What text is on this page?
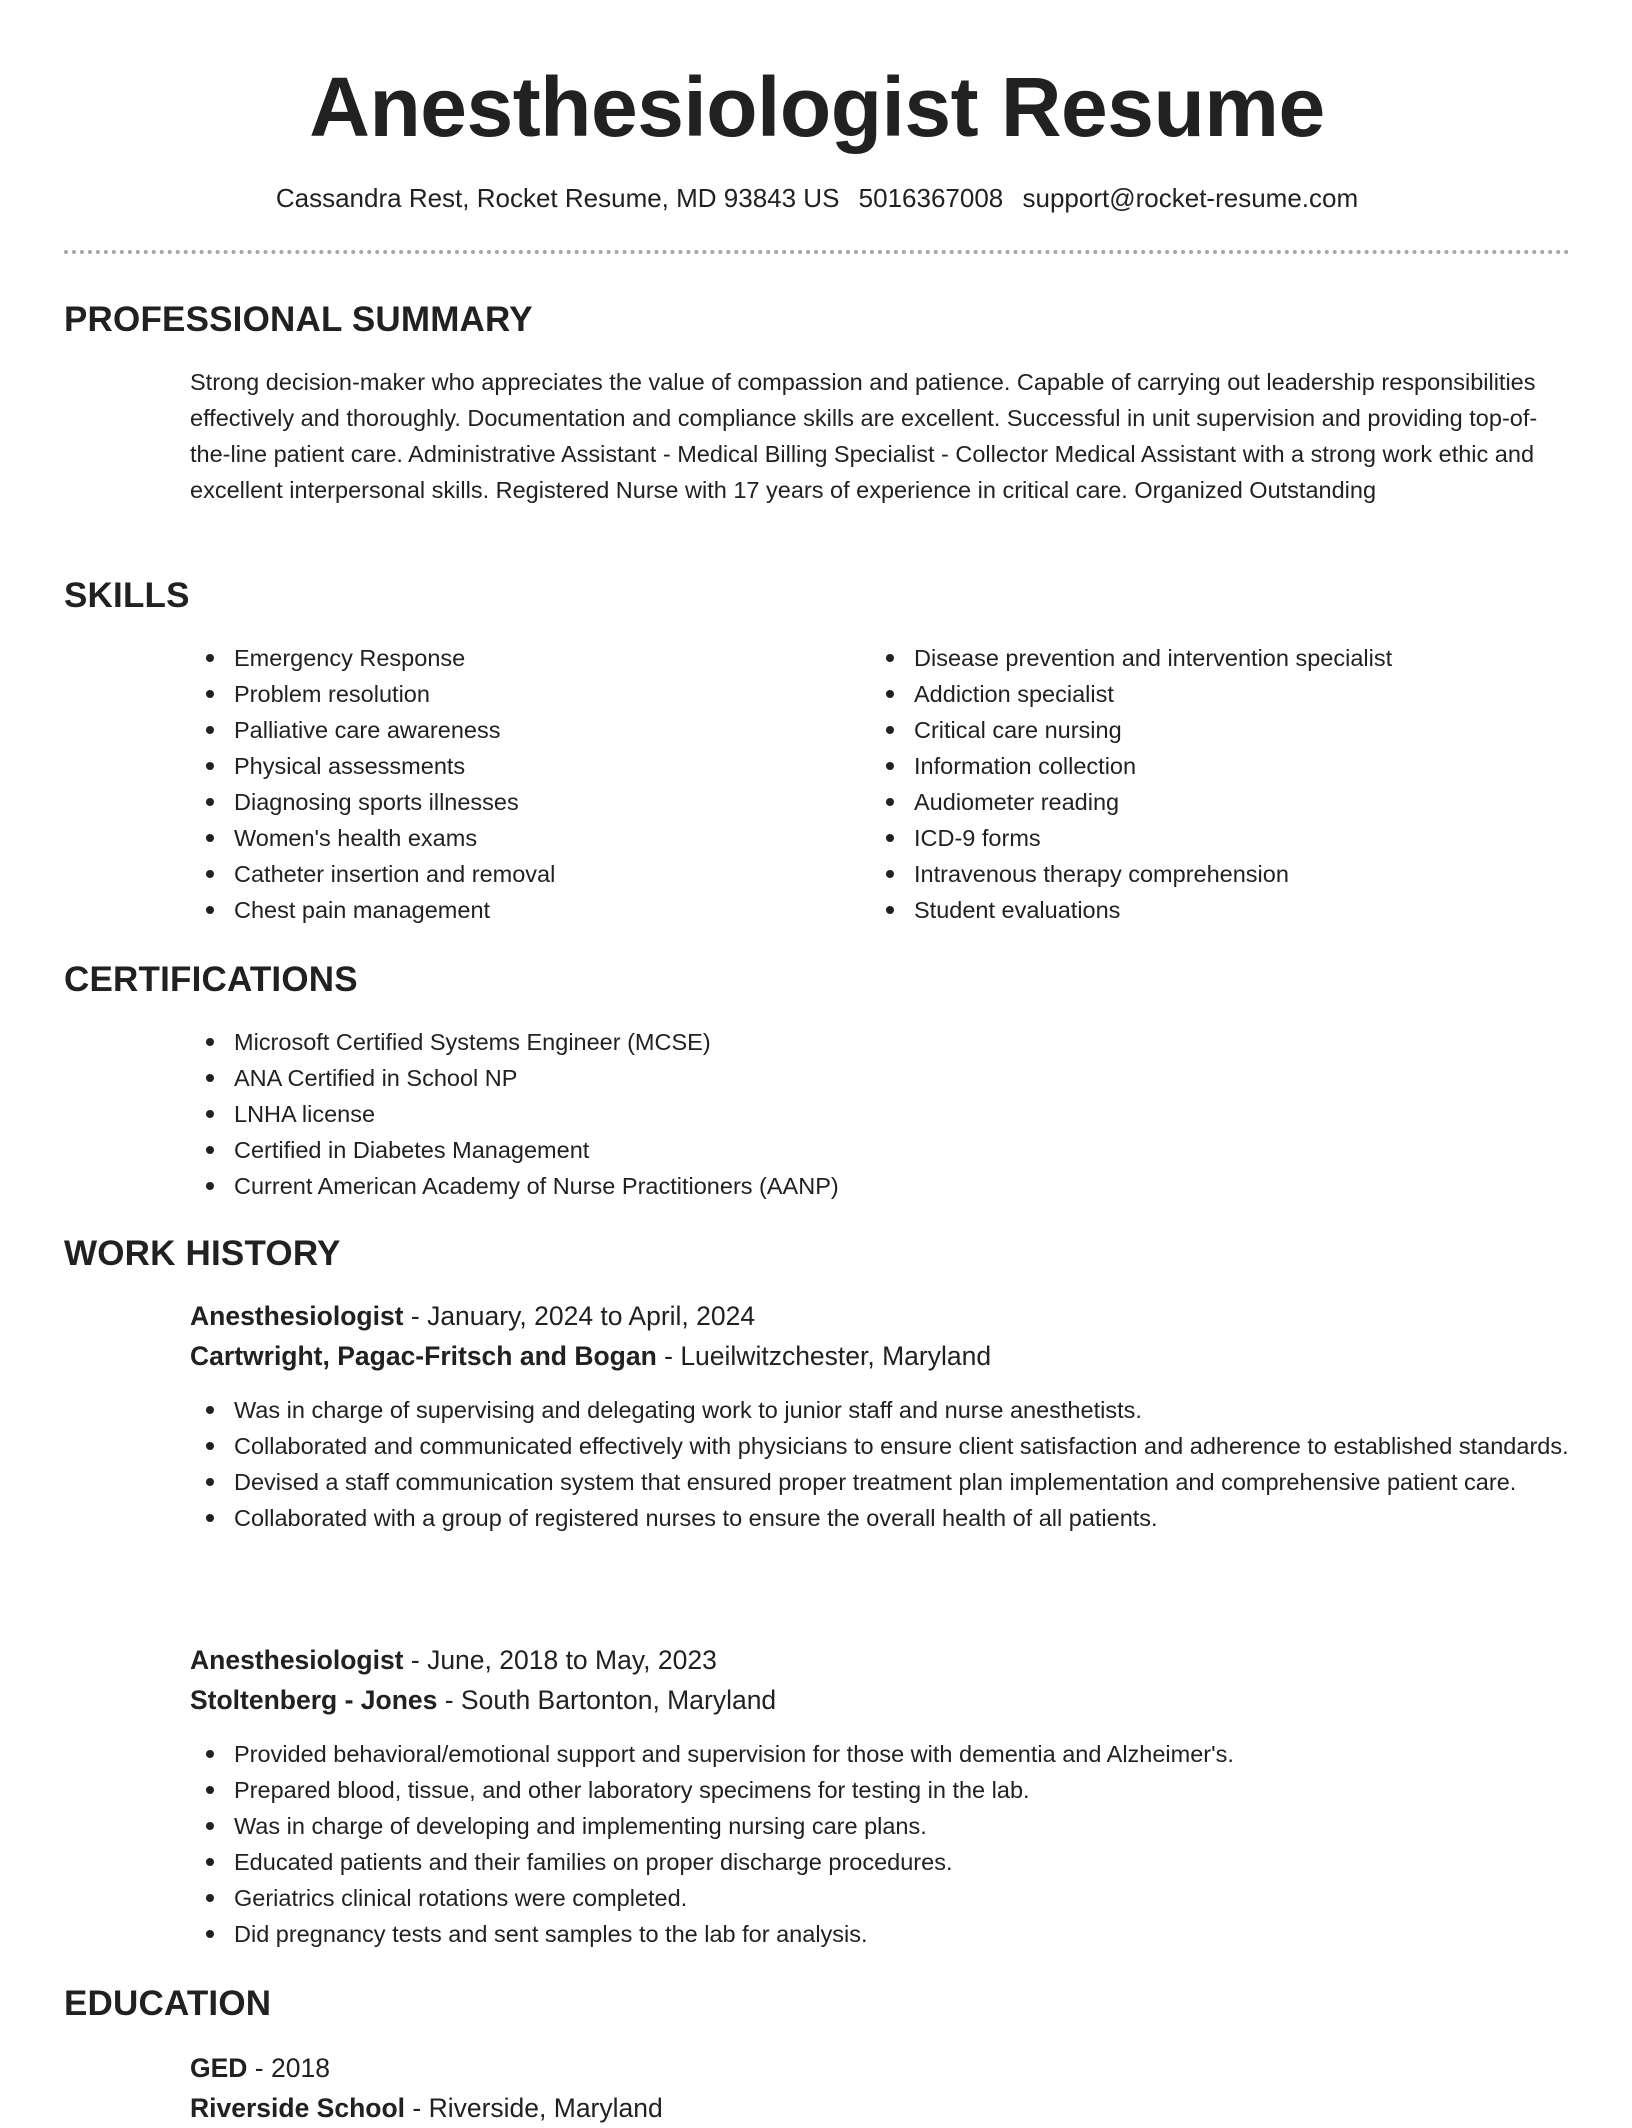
Anesthesiologist Resume
Cassandra Rest, Rocket Resume, MD 93843 US 5016367008 support@rocket-resume.com
PROFESSIONAL SUMMARY

Strong decision-maker who appreciates the value of compassion and patience. Capable of carrying out leadership responsibilities effectively and thoroughly. Documentation and compliance skills are excellent. Successful in unit supervision and providing top-of-the-line patient care. Administrative Assistant - Medical Billing Specialist - Collector Medical Assistant with a strong work ethic and excellent interpersonal skills. Registered Nurse with 17 years of experience in critical care. Organized Outstanding

SKILLS
Emergency Response
Problem resolution
Palliative care awareness
Physical assessments
Diagnosing sports illnesses
Women's health exams
Catheter insertion and removal
Chest pain management
Disease prevention and intervention specialist
Addiction specialist
Critical care nursing
Information collection
Audiometer reading
ICD-9 forms
Intravenous therapy comprehension
Student evaluations
CERTIFICATIONS
Microsoft Certified Systems Engineer (MCSE)
ANA Certified in School NP
LNHA license
Certified in Diabetes Management
Current American Academy of Nurse Practitioners (AANP)
WORK HISTORY
Anesthesiologist - January, 2024 to April, 2024
Cartwright, Pagac-Fritsch and Bogan - Lueilwitzchester, Maryland
Was in charge of supervising and delegating work to junior staff and nurse anesthetists.
Collaborated and communicated effectively with physicians to ensure client satisfaction and adherence to established standards.
Devised a staff communication system that ensured proper treatment plan implementation and comprehensive patient care.
Collaborated with a group of registered nurses to ensure the overall health of all patients.
Anesthesiologist - June, 2018 to May, 2023
Stoltenberg - Jones - South Bartonton, Maryland
Provided behavioral/emotional support and supervision for those with dementia and Alzheimer's.
Prepared blood, tissue, and other laboratory specimens for testing in the lab.
Was in charge of developing and implementing nursing care plans.
Educated patients and their families on proper discharge procedures.
Geriatrics clinical rotations were completed.
Did pregnancy tests and sent samples to the lab for analysis.
EDUCATION
GED - 2018
Riverside School - Riverside, Maryland
